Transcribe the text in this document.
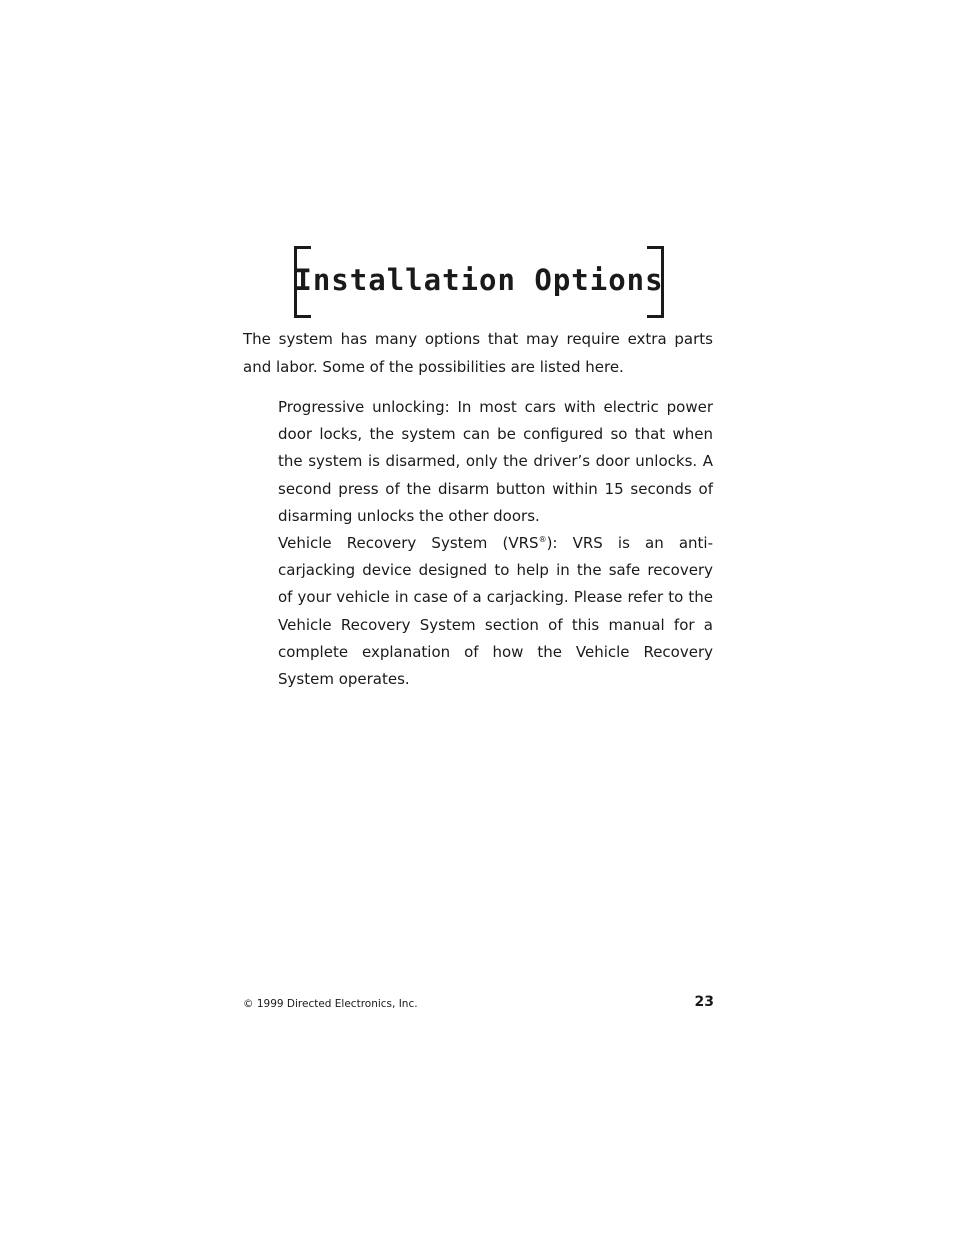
Installation Options

The system has many options that may require extra parts and labor. Some of the possibilities are listed here.

Progressive unlocking: In most cars with electric power door locks, the system can be configured so that when the system is disarmed, only the driver’s door unlocks. A second press of the disarm button within 15 seconds of disarming unlocks the other doors.

Vehicle Recovery System (VRS®): VRS is an anti-carjacking device designed to help in the safe recovery of your vehicle in case of a carjacking. Please refer to the Vehicle Recovery System section of this manual for a complete explanation of how the Vehicle Recovery System operates.

© 1999 Directed Electronics, Inc.	23
